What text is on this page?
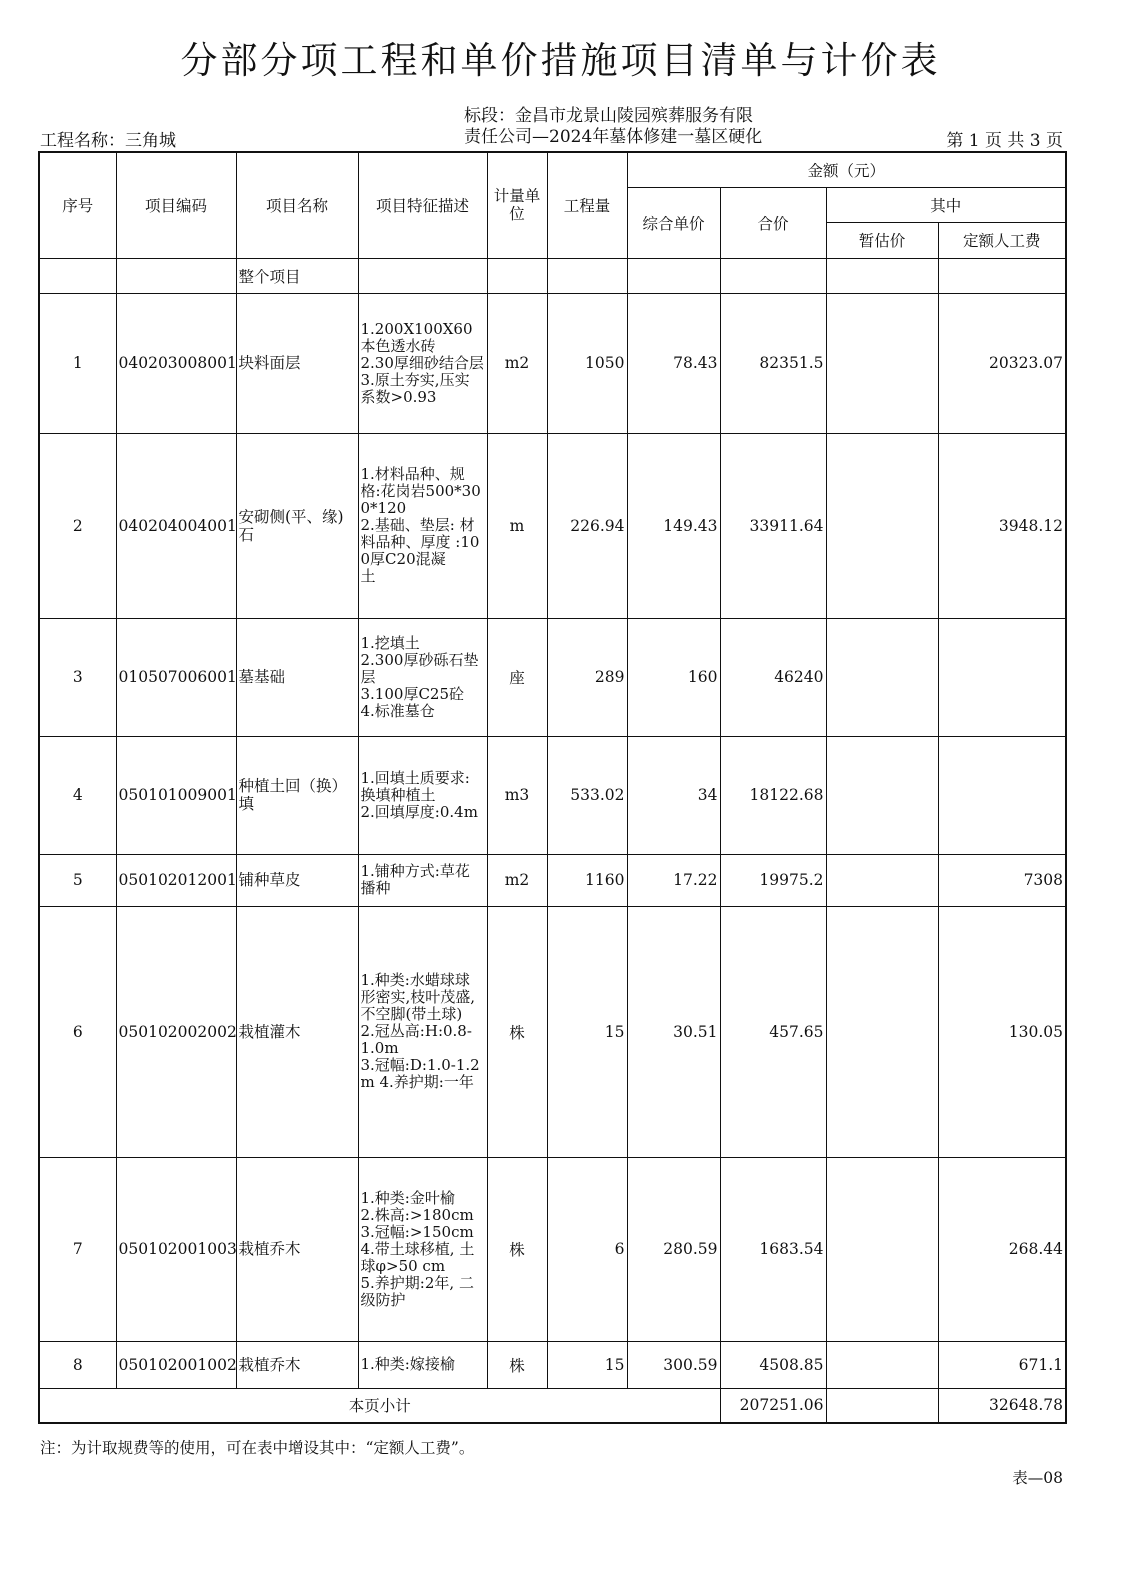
分部分项工程和单价措施项目清单与计价表
工程名称：三角城
标段：金昌市龙景山陵园殡葬服务有限
责任公司—2024年墓体修建一墓区硬化	第 1 页 共 3 页
序号	项目编码	项目名称	项目特征描述	计量单位	工程量	金额（元）			
						综合单价	合价	其中	
								暂估价	定额人工费
		整个项目							
1	040203008001	块料面层	1.200X100X60本色透水砖
2.30厚细砂结合层
3.原土夯实,压实系数>0.93	m2	1050	78.43	82351.5		20323.07
2	040204004001	安砌侧(平、缘)石	1.材料品种、规格:花岗岩500*300*120
2.基础、垫层: 材料品种、厚度 :100厚C20混凝
土	m	226.94	149.43	33911.64		3948.12
3	010507006001	墓基础	1.挖填土
2.300厚砂砾石垫层
3.100厚C25砼
4.标准墓仓	座	289	160	46240		
4	050101009001	种植土回（换）填	1.回填土质要求:换填种植土
2.回填厚度:0.4m	m3	533.02	34	18122.68		
5	050102012001	铺种草皮	1.铺种方式:草花播种	m2	1160	17.22	19975.2		7308
6	050102002002	栽植灌木	1.种类:水蜡球球形密实,枝叶茂盛,不空脚(带土球)
2.冠丛高:H:0.8-1.0m
3.冠幅:D:1.0-1.2m 4.养护期:一年	株	15	30.51	457.65		130.05
7	050102001003	栽植乔木	1.种类:金叶榆
2.株高:>180cm
3.冠幅:>150cm
4.带土球移植, 土球φ>50 cm
5.养护期:2年, 二级防护	株	6	280.59	1683.54		268.44
8	050102001002	栽植乔木	1.种类:嫁接榆	株	15	300.59	4508.85		671.1
本页小计							207251.06		32648.78
注：为计取规费等的使用，可在表中增设其中：“定额人工费”。
表—08
